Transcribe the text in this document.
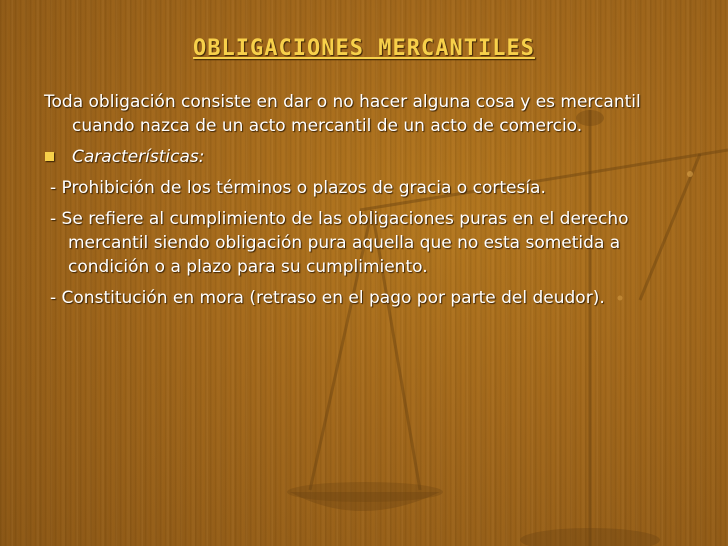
OBLIGACIONES MERCANTILES

Toda obligación consiste en dar o no hacer alguna cosa y es mercantil cuando nazca de un acto mercantil de un acto de comercio.

Características:

- Prohibición de los términos o plazos de gracia o cortesía.

- Se refiere al cumplimiento de las obligaciones puras en el derecho mercantil siendo obligación pura aquella que no esta sometida a condición o a plazo para su cumplimiento.

- Constitución en mora (retraso en el pago por parte del deudor).
